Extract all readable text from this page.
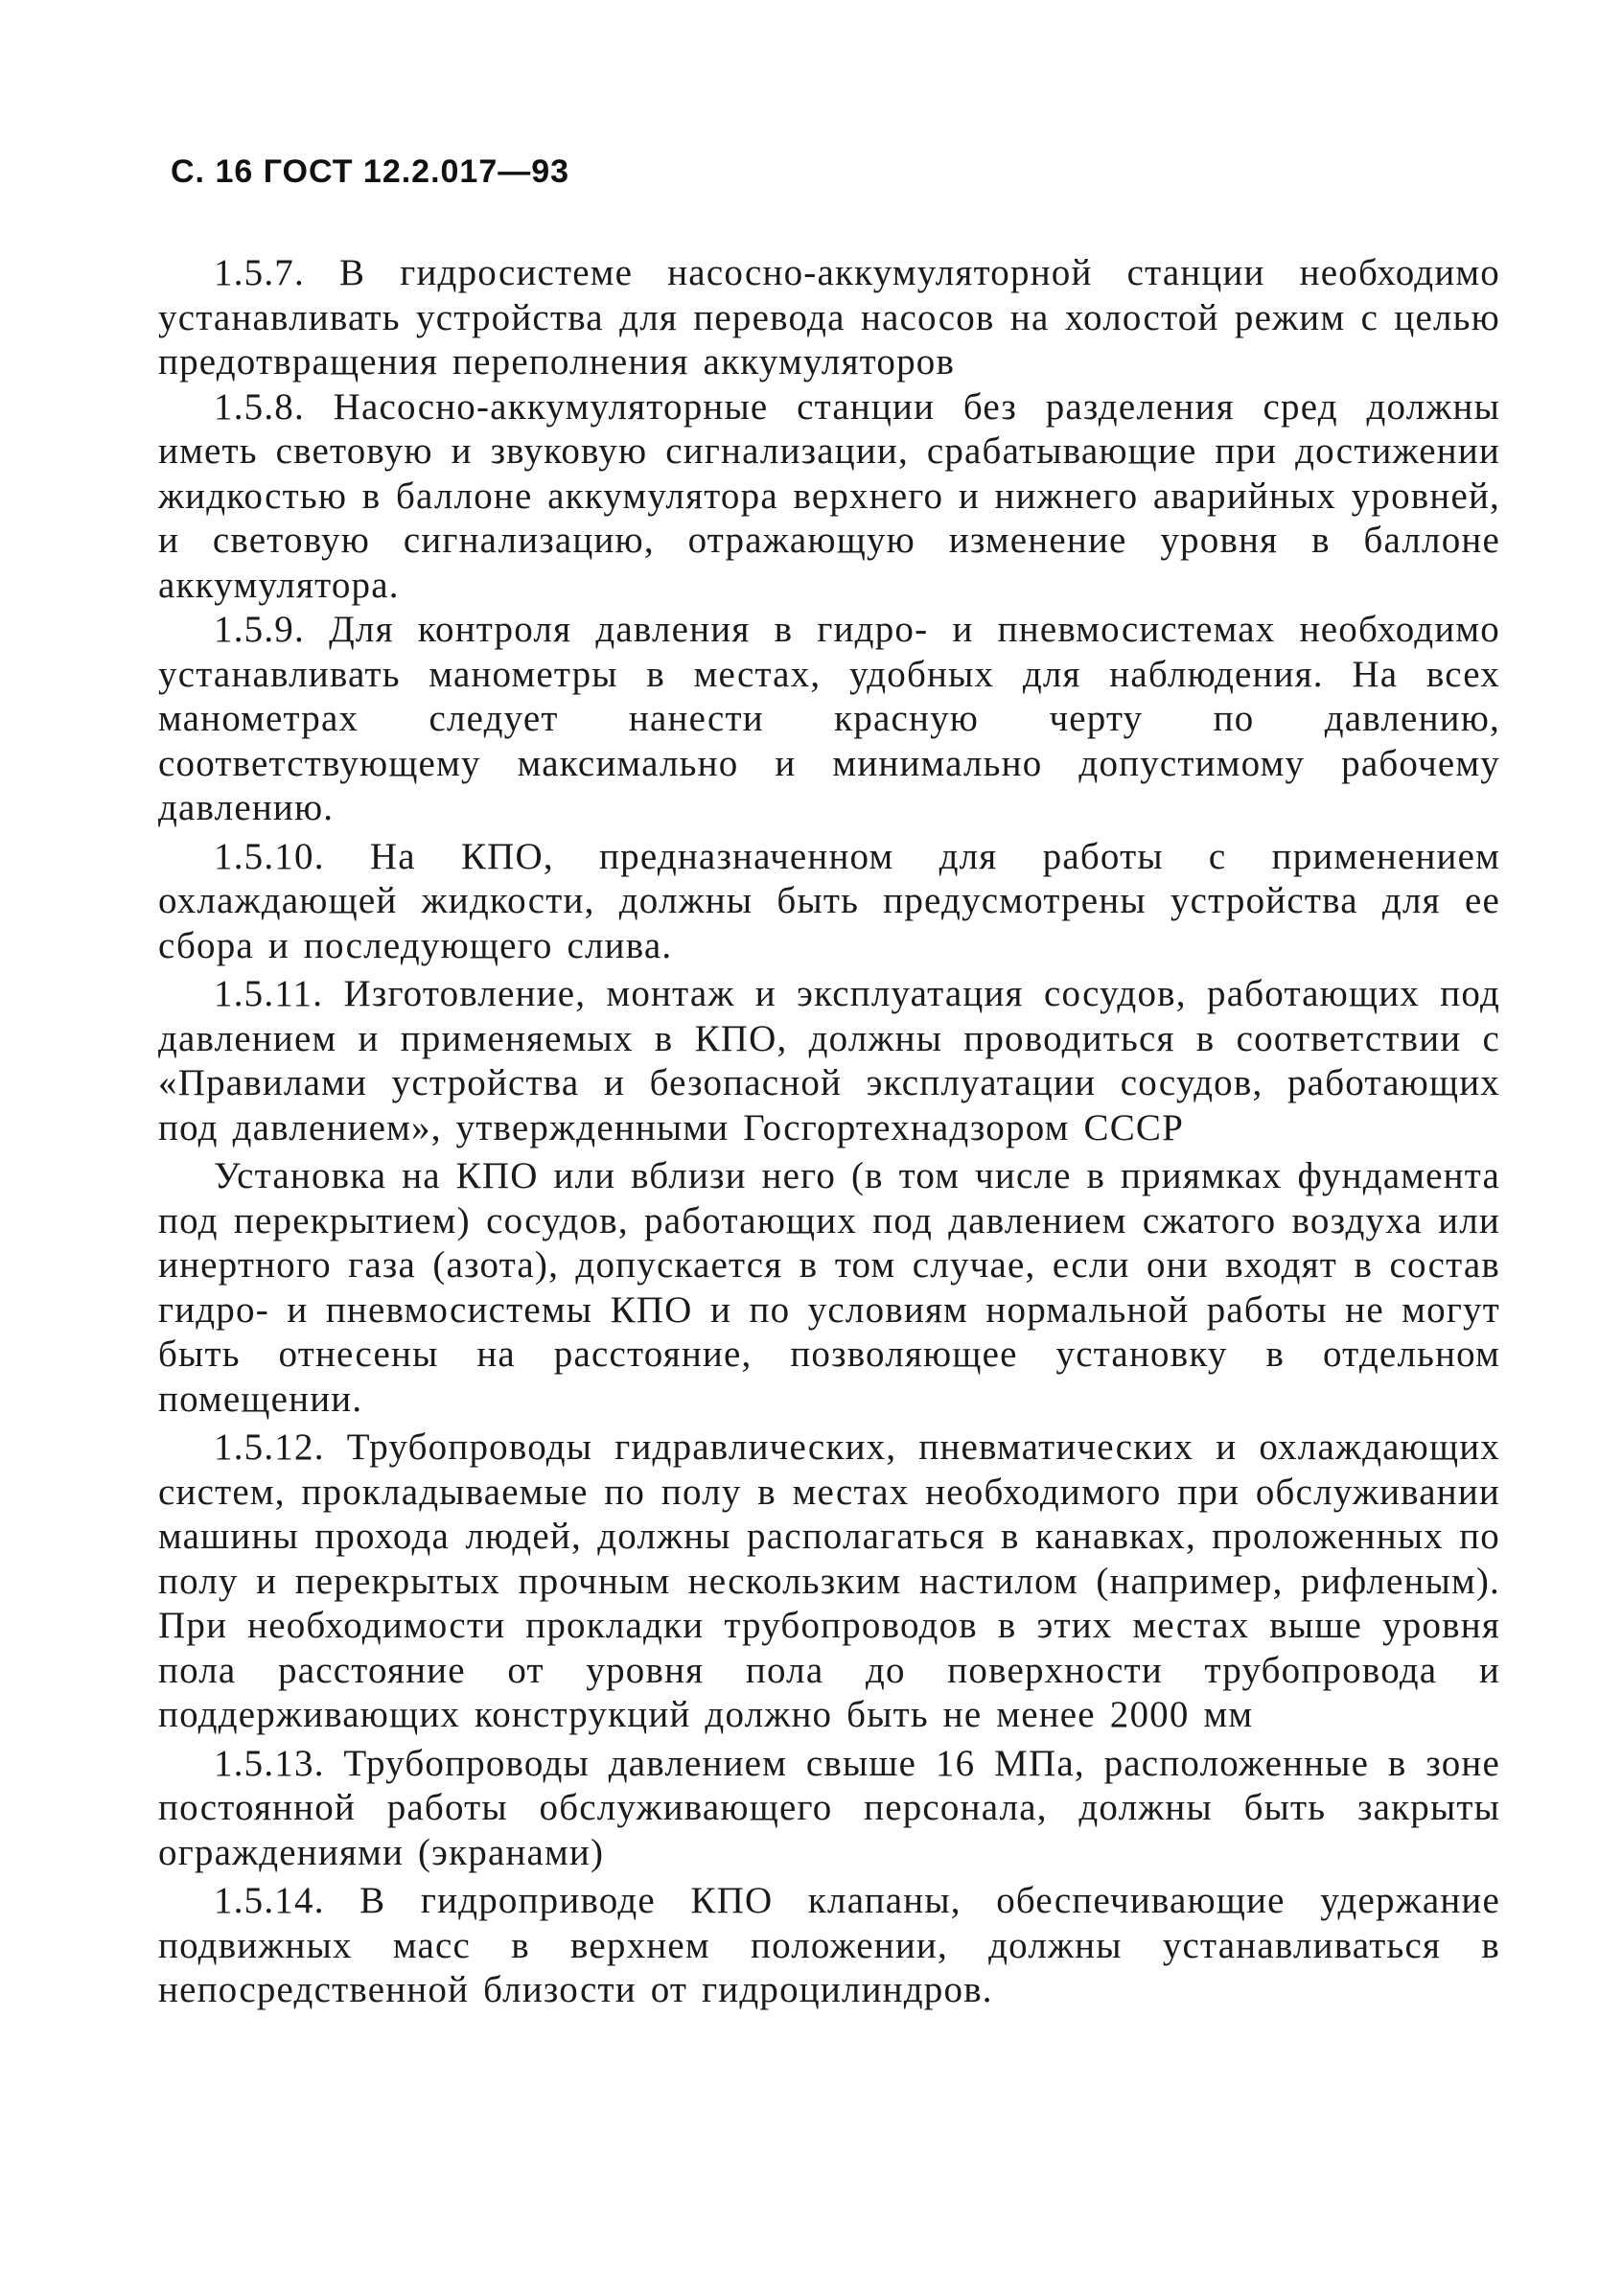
С. 16 ГОСТ 12.2.017—93

1.5.7. В гидросистеме насосно-аккумуляторной станции необходимо устанавливать устройства для перевода насосов на холостой режим с целью предотвращения переполнения аккумуляторов

1.5.8. Насосно-аккумуляторные станции без разделения сред должны иметь световую и звуковую сигнализации, срабатывающие при достижении жидкостью в баллоне аккумулятора верхнего и нижнего аварийных уровней, и световую сигнализацию, отражающую изменение уровня в баллоне аккумулятора.

1.5.9. Для контроля давления в гидро- и пневмосистемах необходимо устанавливать манометры в местах, удобных для наблюдения. На всех манометрах следует нанести красную черту по давлению, соответствующему максимально и минимально допустимому рабочему давлению.

1.5.10. На КПО, предназначенном для работы с применением охлаждающей жидкости, должны быть предусмотрены устройства для ее сбора и последующего слива.

1.5.11. Изготовление, монтаж и эксплуатация сосудов, работающих под давлением и применяемых в КПО, должны проводиться в соответствии с «Правилами устройства и безопасной эксплуатации сосудов, работающих под давлением», утвержденными Госгортехнадзором СССР

Установка на КПО или вблизи него (в том числе в приямках фундамента под перекрытием) сосудов, работающих под давлением сжатого воздуха или инертного газа (азота), допускается в том случае, если они входят в состав гидро- и пневмосистемы КПО и по условиям нормальной работы не могут быть отнесены на расстояние, позволяющее установку в отдельном помещении.

1.5.12. Трубопроводы гидравлических, пневматических и охлаждающих систем, прокладываемые по полу в местах необходимого при обслуживании машины прохода людей, должны располагаться в канавках, проложенных по полу и перекрытых прочным нескользким настилом (например, рифленым). При необходимости прокладки трубопроводов в этих местах выше уровня пола расстояние от уровня пола до поверхности трубопровода и поддерживающих конструкций должно быть не менее 2000 мм

1.5.13. Трубопроводы давлением свыше 16 МПа, расположенные в зоне постоянной работы обслуживающего персонала, должны быть закрыты ограждениями (экранами)

1.5.14. В гидроприводе КПО клапаны, обеспечивающие удержание подвижных масс в верхнем положении, должны устанавливаться в непосредственной близости от гидроцилиндров.
